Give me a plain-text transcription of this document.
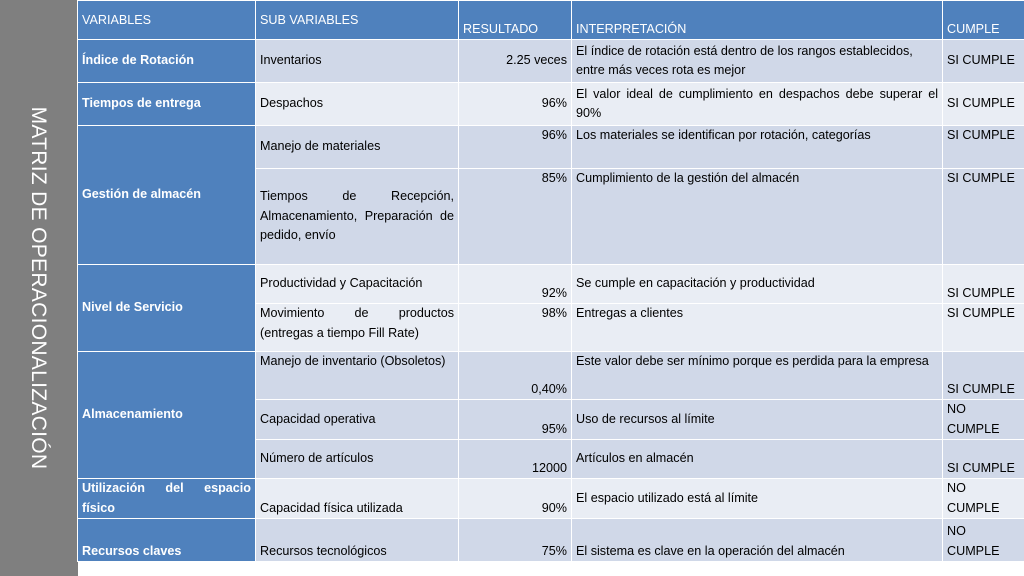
MATRIZ DE OPERACIONALIZACIÓN
VARIABLES	SUB VARIABLES	RESULTADO	INTERPRETACIÓN	CUMPLE
Índice de Rotación	Inventarios	2.25 veces	El índice de rotación está dentro de los rangos establecidos, entre más veces rota es mejor	SI CUMPLE
Tiempos de entrega	Despachos	96%	El valor ideal de cumplimiento en despachos debe superar el 90%	SI CUMPLE
Gestión de almacén	Manejo de materiales	96%	Los materiales se identifican por rotación, categorías	SI CUMPLE
	Tiempos de Recepción, Almacenamiento, Preparación de pedido, envío	85%	Cumplimiento de la gestión del almacén	SI CUMPLE
Nivel de Servicio	Productividad y Capacitación	92%	Se cumple en capacitación y productividad	SI CUMPLE
	Movimiento de productos (entregas a tiempo Fill Rate)	98%	Entregas a clientes	SI CUMPLE
Almacenamiento	Manejo de inventario (Obsoletos)	0,40%	Este valor debe ser mínimo porque es perdida para la empresa	SI CUMPLE
	Capacidad operativa	95%	Uso de recursos al límite	NO CUMPLE
	Número de artículos	12000	Artículos en almacén	SI CUMPLE
Utilización del espacio físico	Capacidad física utilizada	90%	El espacio utilizado está al límite	NO CUMPLE
Recursos claves	Recursos tecnológicos	75%	El sistema es clave en la operación del almacén	NO CUMPLE
